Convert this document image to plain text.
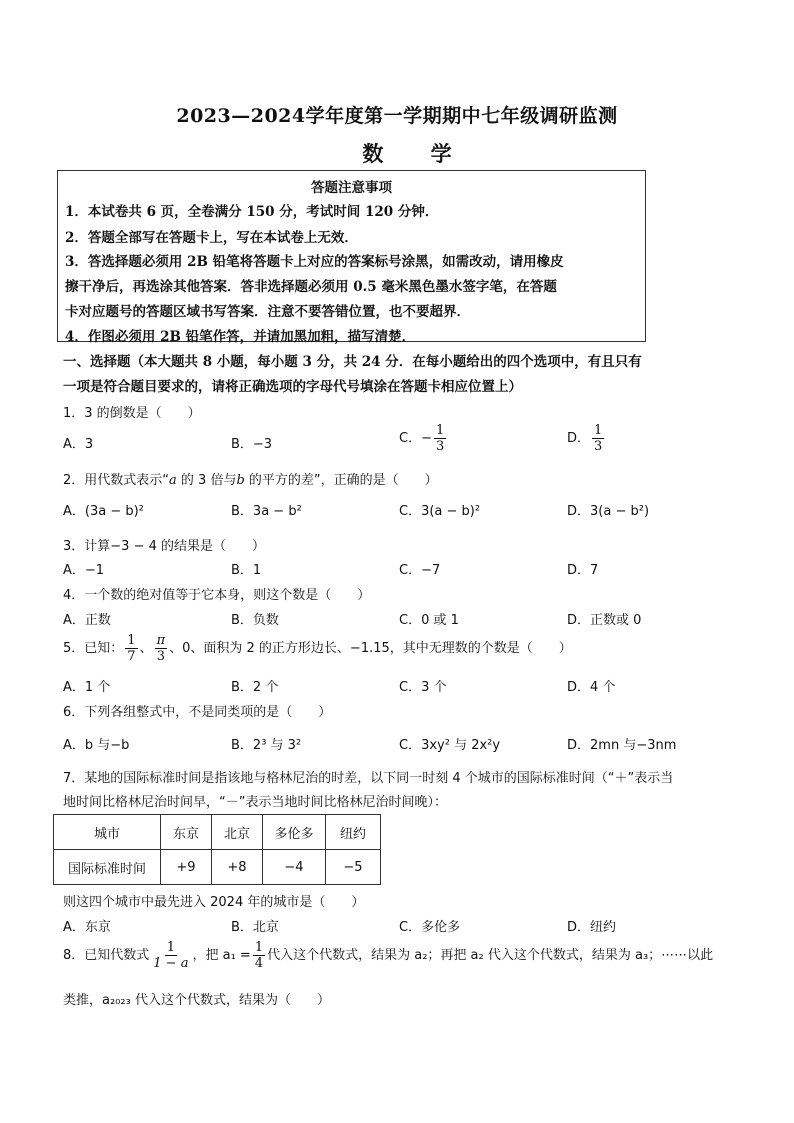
2023—2024学年度第一学期期中七年级调研监测
数 学
答题注意事项
1．本试卷共 6 页，全卷满分 150 分，考试时间 120 分钟．
2．答题全部写在答题卡上，写在本试卷上无效．
3．答选择题必须用 2B 铅笔将答题卡上对应的答案标号涂黑，如需改动，请用橡皮
擦干净后，再选涂其他答案．答非选择题必须用 0.5 毫米黑色墨水签字笔，在答题
卡对应题号的答题区域书写答案．注意不要答错位置，也不要超界．
4．作图必须用 2B 铅笔作答，并请加黑加粗，描写清楚．
一、选择题（本大题共 8 小题，每小题 3 分，共 24 分．在每小题给出的四个选项中，有且只有
一项是符合题目要求的，请将正确选项的字母代号填涂在答题卡相应位置上）
1．3 的倒数是（　　）
A．3	B．−3	C．− $\frac{1}{3}$	D． $\frac{1}{3}$
2．用代数式表示“a 的 3 倍与b 的平方的差”，正确的是（　　）
A．(3a − b)²	B．3a − b²	C．3(a − b)²	D．3(a − b²)
3．计算−3 − 4 的结果是（　　）
A．−1	B．1	C．−7	D．7
4．一个数的绝对值等于它本身，则这个数是（　　）
A．正数	B．负数	C．0 或 1	D．正数或 0
5．已知： $\frac{1}{7}$ 、 $\frac{\pi}{3}$ 、0、面积为 2 的正方形边长、−1.15̇，其中无理数的个数是（　　）
A．1 个	B．2 个	C．3 个	D．4 个
6．下列各组整式中，不是同类项的是（　　）
A．b 与−b	B．2³ 与 3²	C．3xy² 与 2x²y	D．2mn 与−3nm
7．某地的国际标准时间是指该地与格林尼治的时差，以下同一时刻 4 个城市的国际标准时间（“＋”表示当
地时间比格林尼治时间早，“－”表示当地时间比格林尼治时间晚）：
城市	东京	北京	多伦多	纽约
国际标准时间	+9	+8	−4	−5
则这四个城市中最先进入 2024 年的城市是（　　）
A．东京	B．北京	C．多伦多	D．纽约
8．已知代数式 $\frac{1}{1 - a}$ ，把 $a_1 = \frac{1}{4}$ 代入这个代数式，结果为 a₂；再把 a₂ 代入这个代数式，结果为 a₃；⋯⋯以此
类推，a₂₀₂₃ 代入这个代数式，结果为（　　）
